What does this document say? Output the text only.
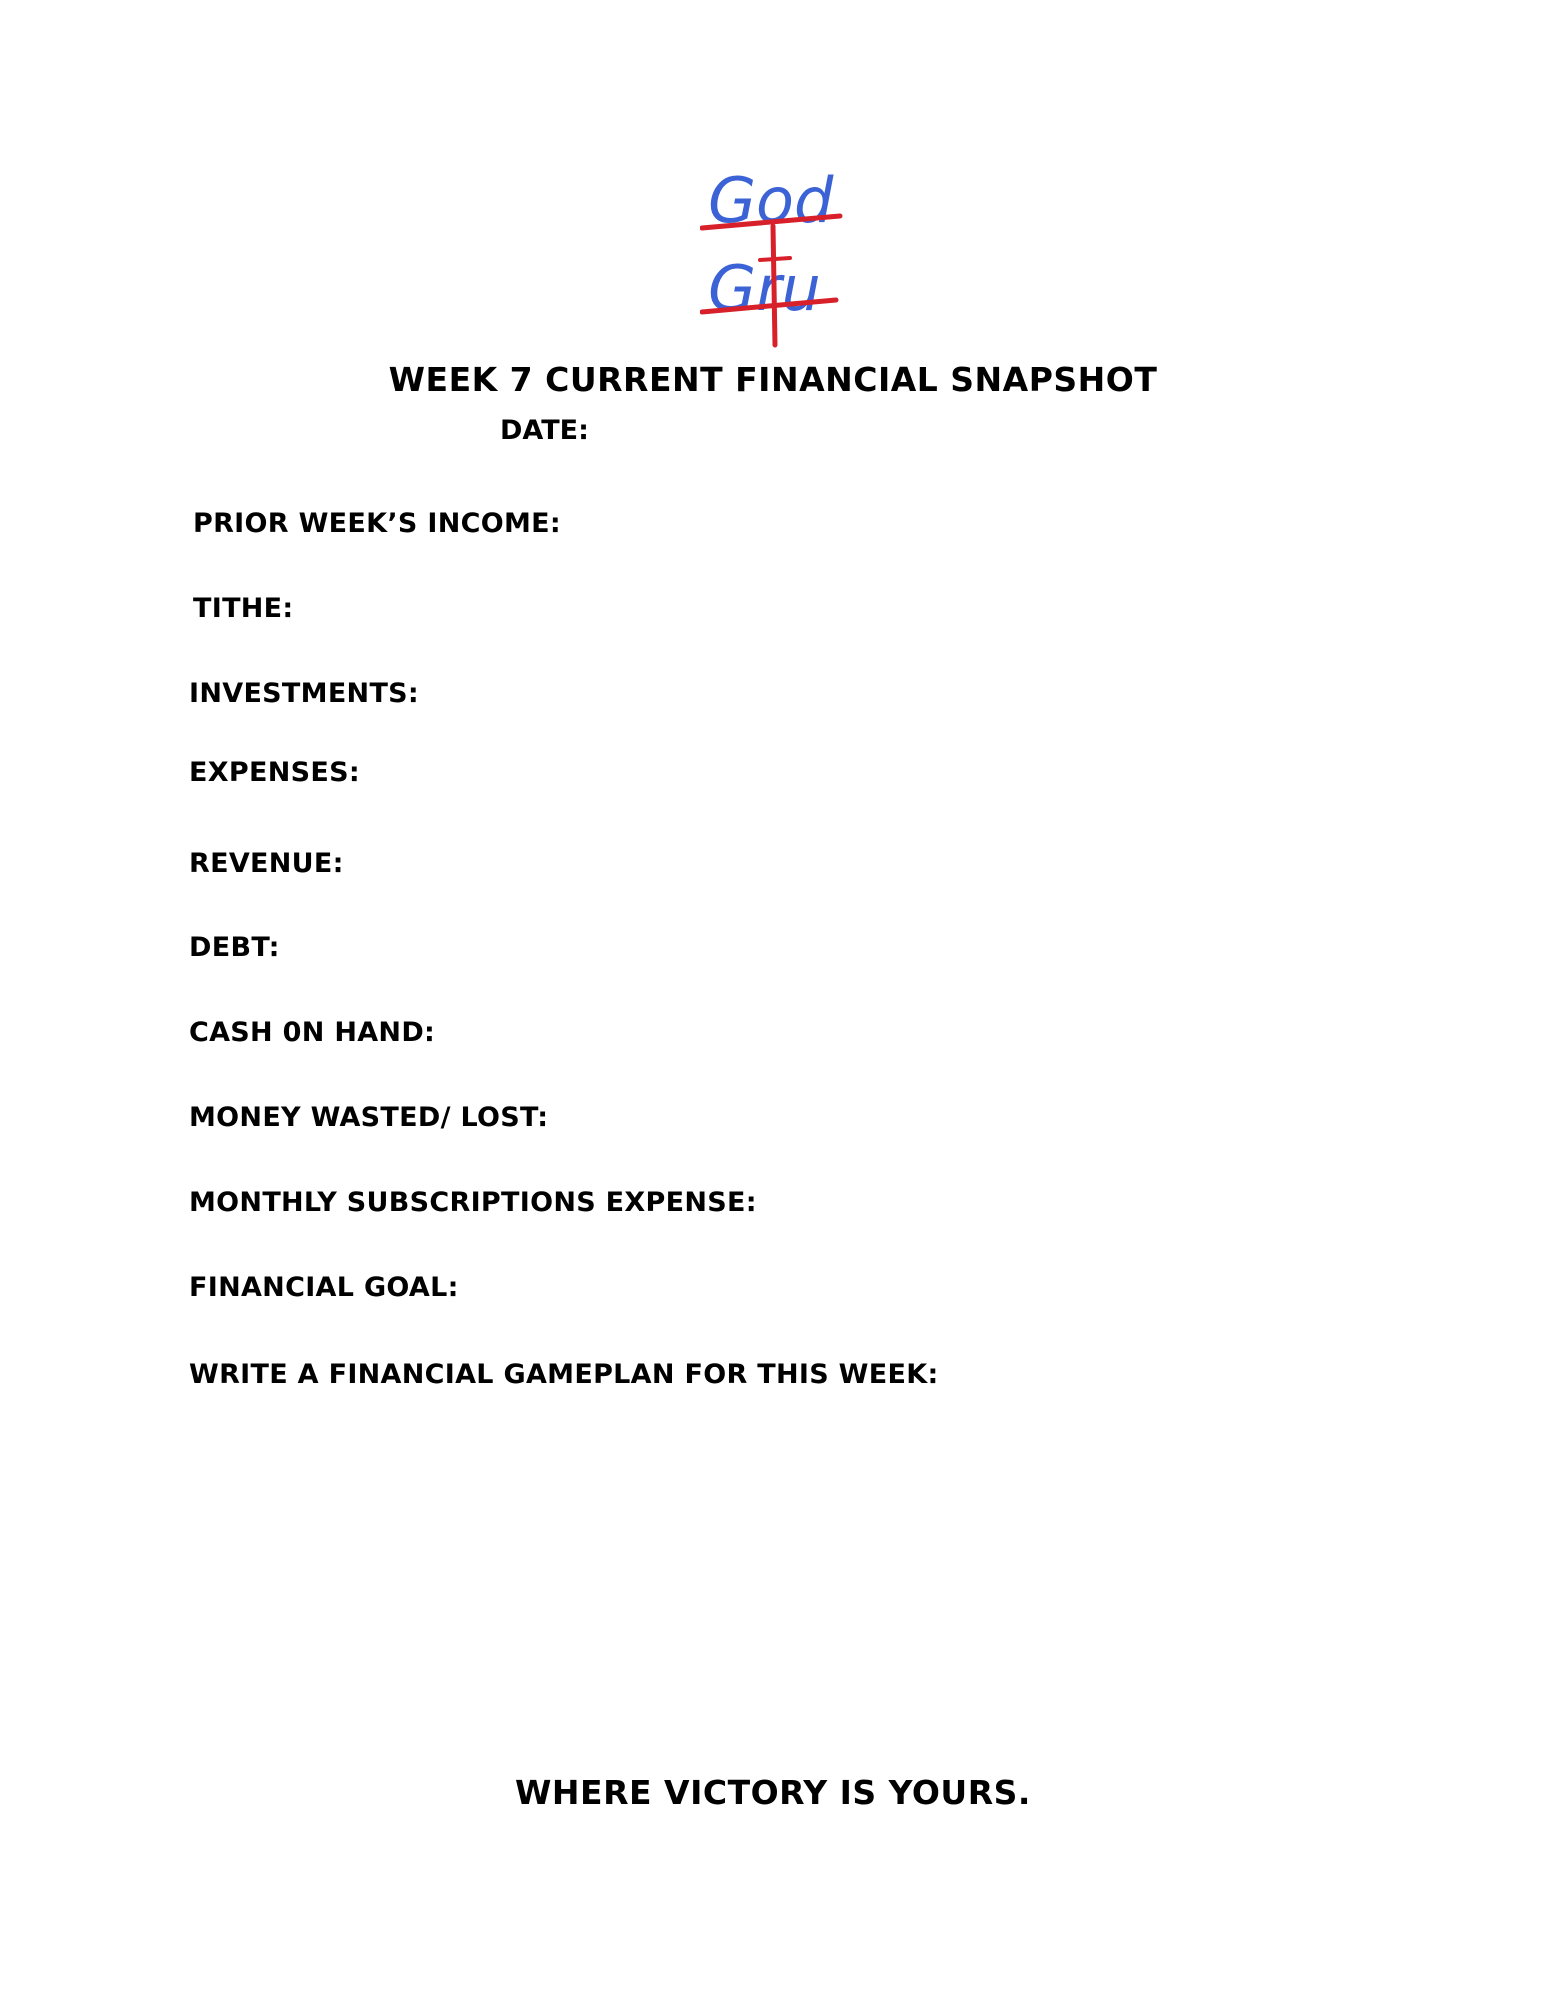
God
Gru
WEEK 7 CURRENT FINANCIAL SNAPSHOT
DATE:
PRIOR WEEK’S INCOME:
TITHE:
INVESTMENTS:
EXPENSES:
REVENUE:
DEBT:
CASH 0N HAND:
MONEY WASTED/ LOST:
MONTHLY SUBSCRIPTIONS EXPENSE:
FINANCIAL GOAL:
WRITE A FINANCIAL GAMEPLAN FOR THIS WEEK:
WHERE VICTORY IS YOURS.
